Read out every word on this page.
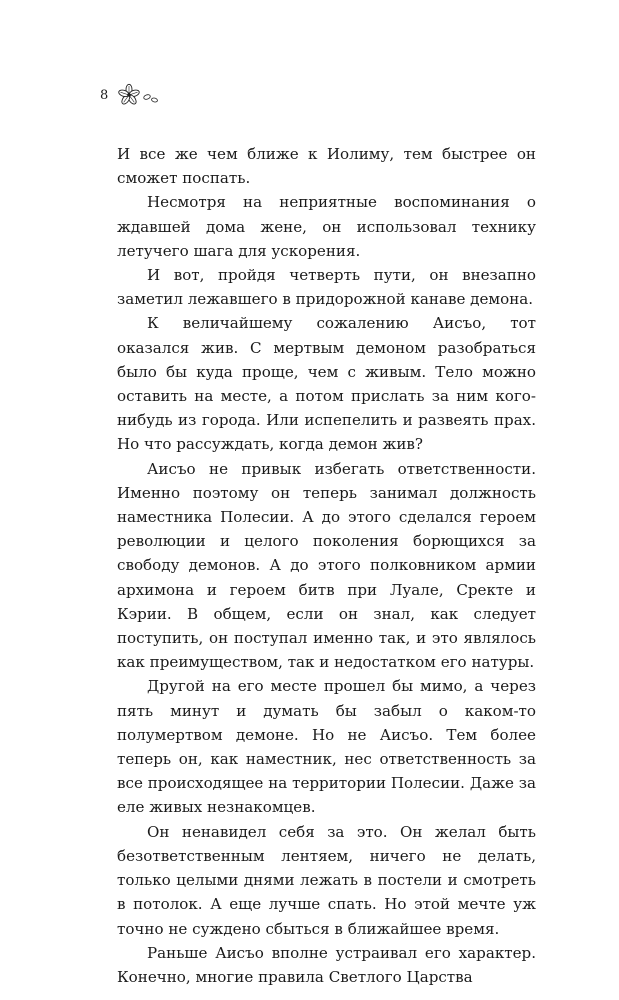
8

И все же чем ближе к Иолиму, тем быстрее он сможет поспать.

Несмотря на неприятные воспоминания о ждавшей дома жене, он использовал технику летучего шага для ускорения.

И вот, пройдя четверть пути, он внезапно заметил лежавшего в придорожной канаве демона.

К величайшему сожалению Аисъо, тот оказался жив. С мертвым демоном разобраться было бы куда проще, чем с живым. Тело можно оставить на месте, а потом прислать за ним кого-нибудь из города. Или испепелить и развеять прах. Но что рассуждать, когда демон жив?

Аисъо не привык избегать ответственности. Именно поэтому он теперь занимал должность наместника Полесии. А до этого сделался героем революции и целого поколения борющихся за свободу демонов. А до этого полковником армии архимона и героем битв при Луале, Сректе и Кэрии. В общем, если он знал, как следует поступить, он поступал именно так, и это являлось как преимуществом, так и недостатком его натуры.

Другой на его месте прошел бы мимо, а через пять минут и думать бы забыл о каком-то полумертвом демоне. Но не Аисъо. Тем более теперь он, как наместник, нес ответственность за все происходящее на территории Полесии. Даже за еле живых незнакомцев.

Он ненавидел себя за это. Он желал быть безответственным лентяем, ничего не делать, только целыми днями лежать в постели и смотреть в потолок. А еще лучше спать. Но этой мечте уж точно не суждено сбыться в ближайшее время.

Раньше Аисъо вполне устраивал его характер. Конечно, многие правила Светлого Царства
